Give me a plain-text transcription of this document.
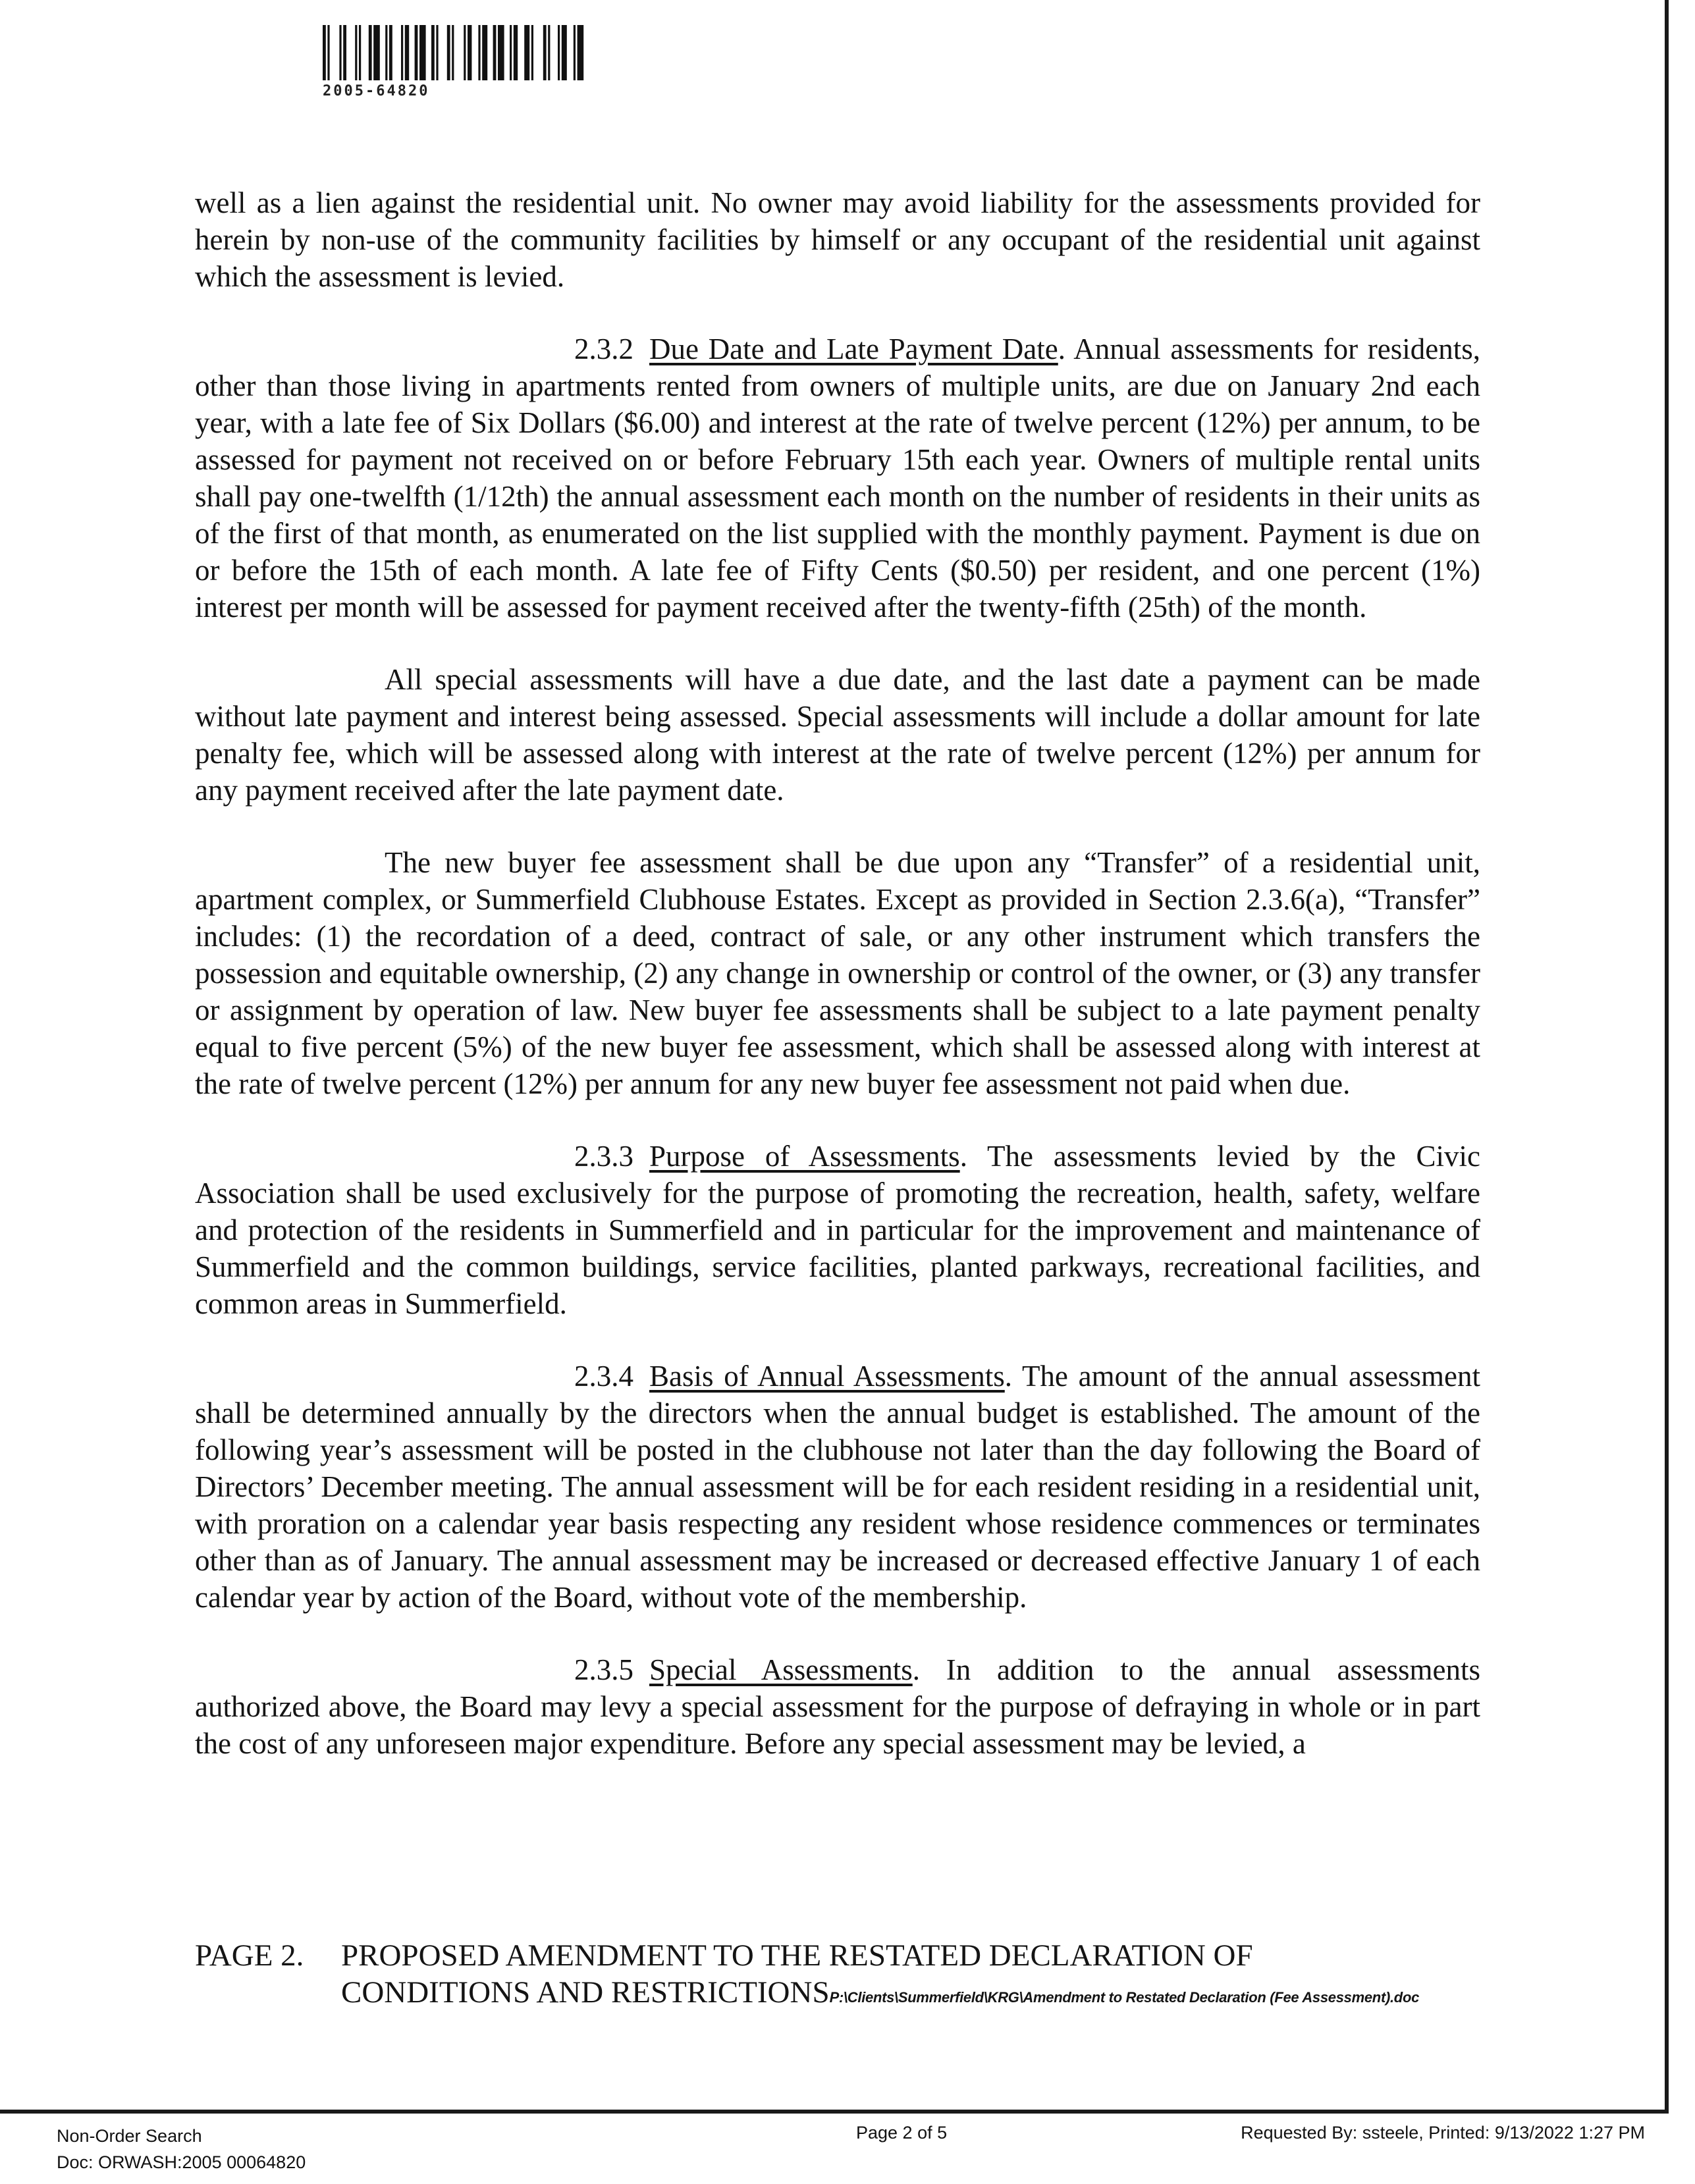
2005-64820

well as a lien against the residential unit. No owner may avoid liability for the assessments provided for herein by non-use of the community facilities by himself or any occupant of the residential unit against which the assessment is levied.

2.3.2 Due Date and Late Payment Date. Annual assessments for residents, other than those living in apartments rented from owners of multiple units, are due on January 2nd each year, with a late fee of Six Dollars ($6.00) and interest at the rate of twelve percent (12%) per annum, to be assessed for payment not received on or before February 15th each year. Owners of multiple rental units shall pay one-twelfth (1/12th) the annual assessment each month on the number of residents in their units as of the first of that month, as enumerated on the list supplied with the monthly payment. Payment is due on or before the 15th of each month. A late fee of Fifty Cents ($0.50) per resident, and one percent (1%) interest per month will be assessed for payment received after the twenty-fifth (25th) of the month.

All special assessments will have a due date, and the last date a payment can be made without late payment and interest being assessed. Special assessments will include a dollar amount for late penalty fee, which will be assessed along with interest at the rate of twelve percent (12%) per annum for any payment received after the late payment date.

The new buyer fee assessment shall be due upon any “Transfer” of a residential unit, apartment complex, or Summerfield Clubhouse Estates. Except as provided in Section 2.3.6(a), “Transfer” includes: (1) the recordation of a deed, contract of sale, or any other instrument which transfers the possession and equitable ownership, (2) any change in ownership or control of the owner, or (3) any transfer or assignment by operation of law. New buyer fee assessments shall be subject to a late payment penalty equal to five percent (5%) of the new buyer fee assessment, which shall be assessed along with interest at the rate of twelve percent (12%) per annum for any new buyer fee assessment not paid when due.

2.3.3 Purpose of Assessments. The assessments levied by the Civic Association shall be used exclusively for the purpose of promoting the recreation, health, safety, welfare and protection of the residents in Summerfield and in particular for the improvement and maintenance of Summerfield and the common buildings, service facilities, planted parkways, recreational facilities, and common areas in Summerfield.

2.3.4 Basis of Annual Assessments. The amount of the annual assessment shall be determined annually by the directors when the annual budget is established. The amount of the following year’s assessment will be posted in the clubhouse not later than the day following the Board of Directors’ December meeting. The annual assessment will be for each resident residing in a residential unit, with proration on a calendar year basis respecting any resident whose residence commences or terminates other than as of January. The annual assessment may be increased or decreased effective January 1 of each calendar year by action of the Board, without vote of the membership.

2.3.5 Special Assessments. In addition to the annual assessments authorized above, the Board may levy a special assessment for the purpose of defraying in whole or in part the cost of any unforeseen major expenditure. Before any special assessment may be levied, a

PAGE 2.	PROPOSED AMENDMENT TO THE RESTATED DECLARATION OF
CONDITIONS AND RESTRICTIONSP:\Clients\Summerfield\KRG\Amendment to Restated Declaration (Fee Assessment).doc
Non-Order Search
Doc: ORWASH:2005 00064820
Page 2 of 5	Requested By: ssteele, Printed: 9/13/2022 1:27 PM
